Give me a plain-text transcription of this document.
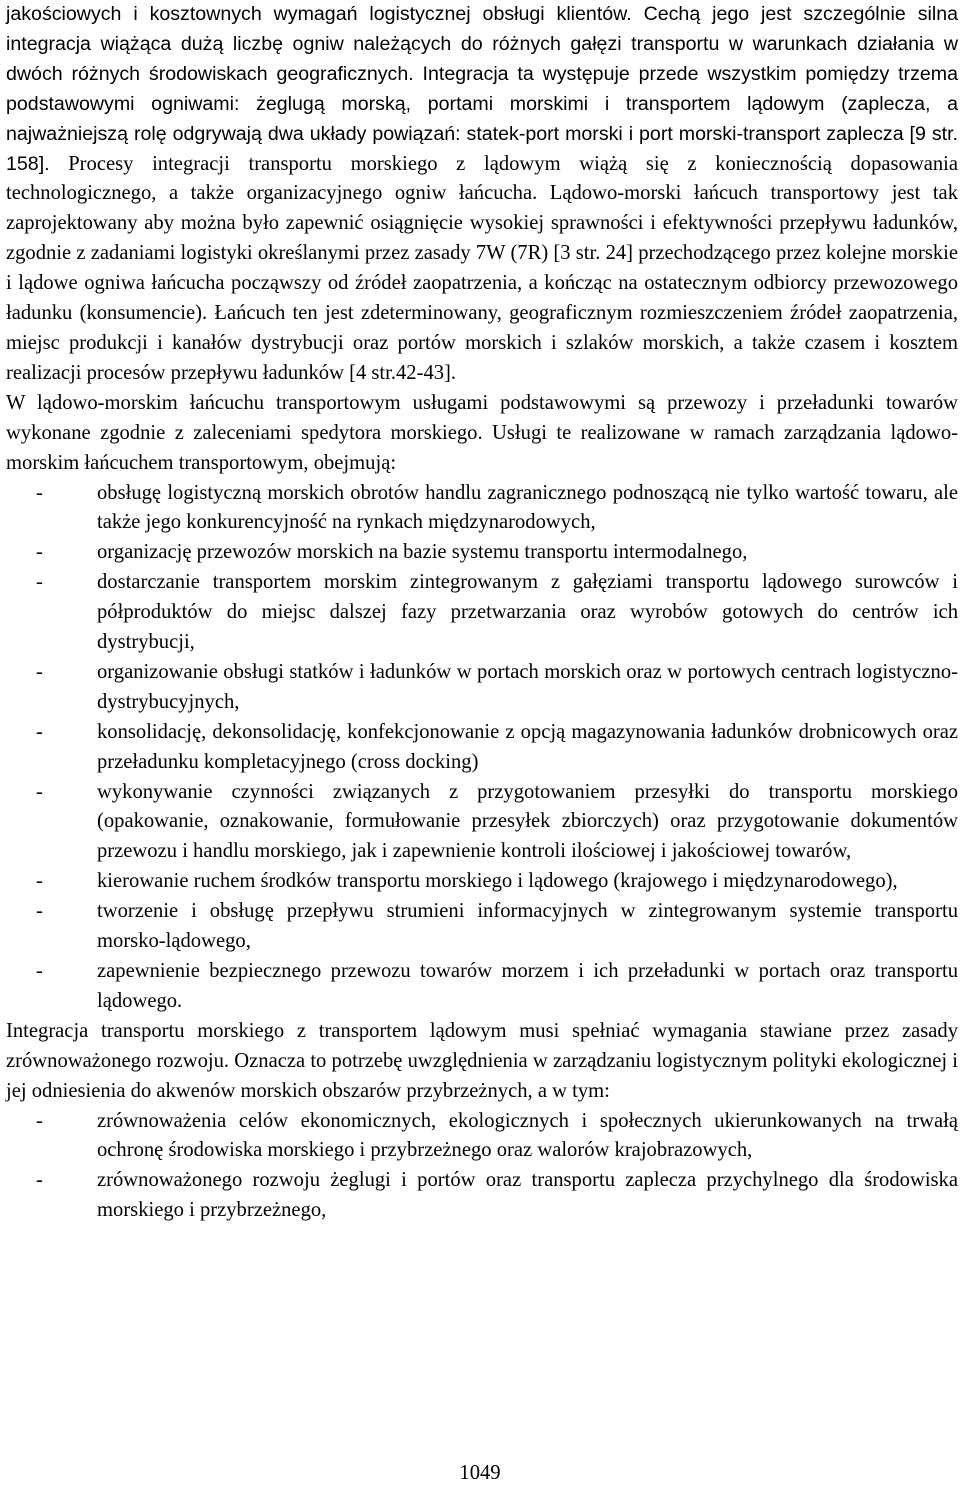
jakościowych i kosztownych wymagań logistycznej obsługi klientów. Cechą jego jest szczególnie silna integracja wiążąca dużą liczbę ogniw należących do różnych gałęzi transportu w warunkach działania w dwóch różnych środowiskach geograficznych. Integracja ta występuje przede wszystkim pomiędzy trzema podstawowymi ogniwami: żeglugą morską, portami morskimi i transportem lądowym (zaplecza, a najważniejszą rolę odgrywają dwa układy powiązań: statek-port morski i port morski-transport zaplecza [9 str. 158]. Procesy integracji transportu morskiego z lądowym wiążą się z koniecznością dopasowania technologicznego, a także organizacyjnego ogniw łańcucha. Lądowo-morski łańcuch transportowy jest tak zaprojektowany aby można było zapewnić osiągnięcie wysokiej sprawności i efektywności przepływu ładunków, zgodnie z zadaniami logistyki określanymi przez zasady 7W (7R) [3 str. 24] przechodzącego przez kolejne morskie i lądowe ogniwa łańcucha począwszy od źródeł zaopatrzenia, a kończąc na ostatecznym odbiorcy przewozowego ładunku (konsumencie). Łańcuch ten jest zdeterminowany, geograficznym rozmieszczeniem źródeł zaopatrzenia, miejsc produkcji i kanałów dystrybucji oraz portów morskich i szlaków morskich, a także czasem i kosztem realizacji procesów przepływu ładunków [4 str.42-43].

W lądowo-morskim łańcuchu transportowym usługami podstawowymi są przewozy i przeładunki towarów wykonane zgodnie z zaleceniami spedytora morskiego. Usługi te realizowane w ramach zarządzania lądowo-morskim łańcuchem transportowym, obejmują:

-	obsługę logistyczną morskich obrotów handlu zagranicznego podnoszącą nie tylko wartość towaru, ale także jego konkurencyjność na rynkach międzynarodowych,
-	organizację przewozów morskich na bazie systemu transportu intermodalnego,
-	dostarczanie transportem morskim zintegrowanym z gałęziami transportu lądowego surowców i półproduktów do miejsc dalszej fazy przetwarzania oraz wyrobów gotowych do centrów ich dystrybucji,
-	organizowanie obsługi statków i ładunków w portach morskich oraz w portowych centrach logistyczno-dystrybucyjnych,
-	konsolidację, dekonsolidację, konfekcjonowanie z opcją magazynowania ładunków drobnicowych oraz przeładunku kompletacyjnego (cross docking)
-	wykonywanie czynności związanych z przygotowaniem przesyłki do transportu morskiego (opakowanie, oznakowanie, formułowanie przesyłek zbiorczych) oraz przygotowanie dokumentów przewozu i handlu morskiego, jak i zapewnienie kontroli ilościowej i jakościowej towarów,
-	kierowanie ruchem środków transportu morskiego i lądowego (krajowego i międzynarodowego),
-	tworzenie i obsługę przepływu strumieni informacyjnych w zintegrowanym systemie transportu morsko-lądowego,
-	zapewnienie bezpiecznego przewozu towarów morzem i ich przeładunki w portach oraz transportu lądowego.

Integracja transportu morskiego z transportem lądowym musi spełniać wymagania stawiane przez zasady zrównoważonego rozwoju. Oznacza to potrzebę uwzględnienia w zarządzaniu logistycznym polityki ekologicznej i jej odniesienia do akwenów morskich obszarów przybrzeżnych, a w tym:

-	zrównoważenia celów ekonomicznych, ekologicznych i społecznych ukierunkowanych na trwałą ochronę środowiska morskiego i przybrzeżnego oraz walorów krajobrazowych,
-	zrównoważonego rozwoju żeglugi i portów oraz transportu zaplecza przychylnego dla środowiska morskiego i przybrzeżnego,
1049
